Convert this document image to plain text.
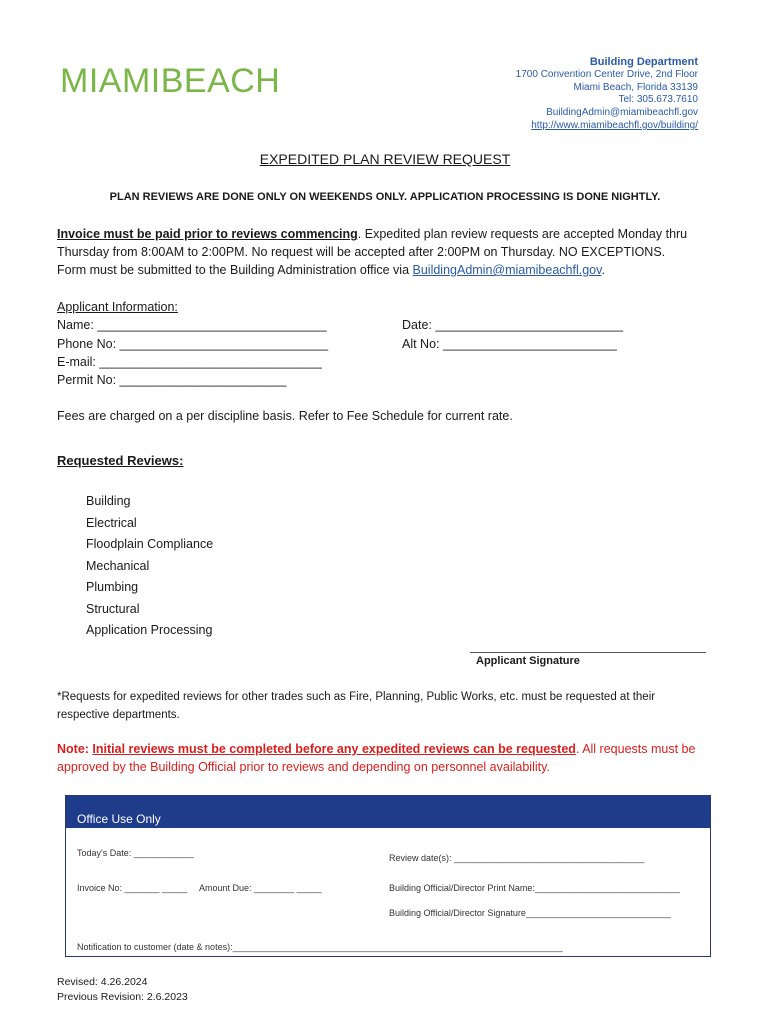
MIAMIBEACH	Building Department
1700 Convention Center Drive, 2nd Floor
Miami Beach, Florida 33139
Tel: 305.673.7610
BuildingAdmin@miamibeachfl.gov
http://www.miamibeachfl.gov/building/
EXPEDITED PLAN REVIEW REQUEST
PLAN REVIEWS ARE DONE ONLY ON WEEKENDS ONLY. APPLICATION PROCESSING IS DONE NIGHTLY.
Invoice must be paid prior to reviews commencing. Expedited plan review requests are accepted Monday thru Thursday from 8:00AM to 2:00PM. No request will be accepted after 2:00PM on Thursday. NO EXCEPTIONS. Form must be submitted to the Building Administration office via BuildingAdmin@miamibeachfl.gov.
Applicant Information:
Name: _________________________________
Phone No: ______________________________
E-mail: ________________________________
Permit No: ________________________
Date: ___________________________
Alt No: _________________________
Fees are charged on a per discipline basis. Refer to Fee Schedule for current rate.
Requested Reviews:
Building
Electrical
Floodplain Compliance
Mechanical
Plumbing
Structural
Application Processing
Applicant Signature
*Requests for expedited reviews for other trades such as Fire, Planning, Public Works, etc. must be requested at their respective departments.
Note: Initial reviews must be completed before any expedited reviews can be requested. All requests must be approved by the Building Official prior to reviews and depending on personnel availability.
Office Use Only
Today's Date: ____________	Review date(s): ______________________________________
Invoice No: _______ _____ Amount Due: ________ _____	Building Official/Director Print Name:_____________________________
Building Official/Director Signature_____________________________
Notification to customer (date & notes):__________________________________________________________________
Revised: 4.26.2024
Previous Revision: 2.6.2023
